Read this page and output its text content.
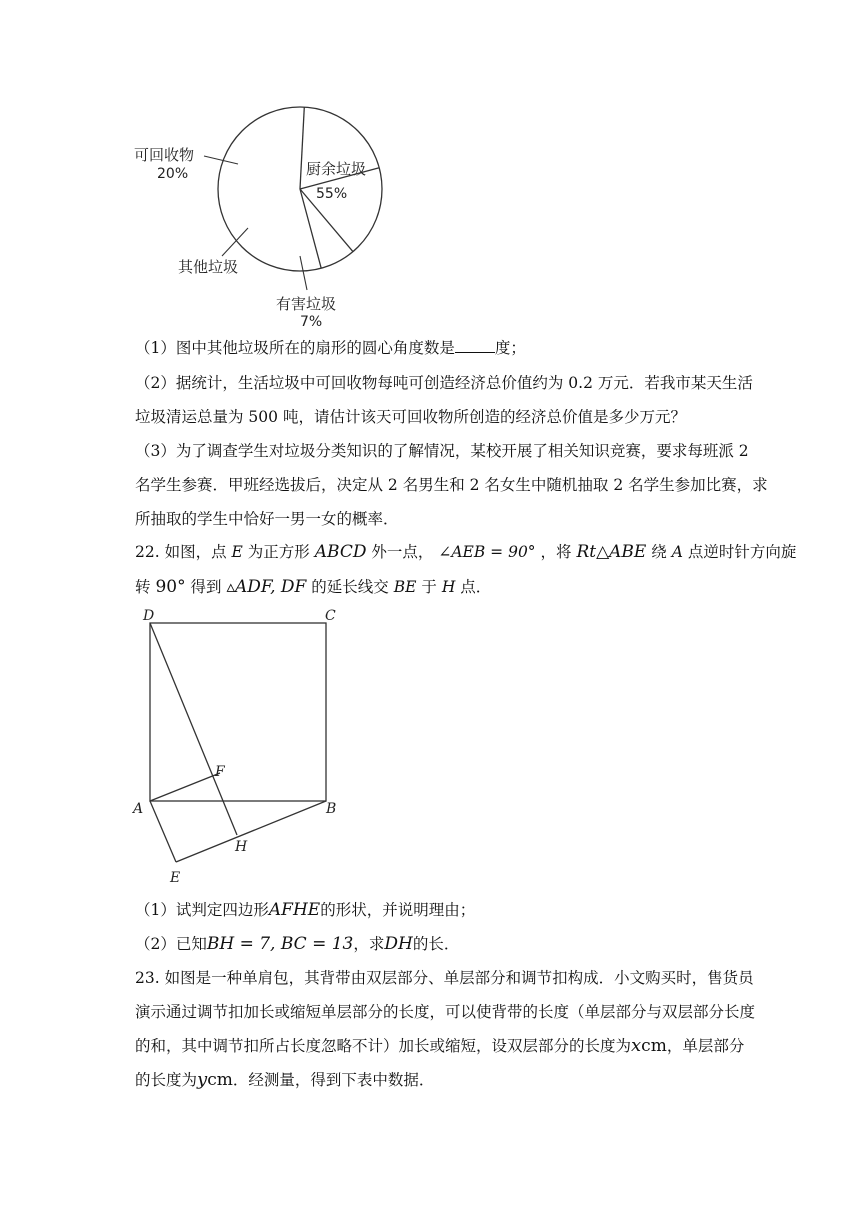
可回收物
20%	厨余垃圾
55%
其他垃圾
有害垃圾
7%
（1）图中其他垃圾所在的扇形的圆心角度数是	度；
（2）据统计，生活垃圾中可回收物每吨可创造经济总价值约为 0.2 万元．若我市某天生活
垃圾清运总量为 500 吨，请估计该天可回收物所创造的经济总价值是多少万元？
（3）为了调查学生对垃圾分类知识的了解情况，某校开展了相关知识竞赛，要求每班派 2
名学生参赛．甲班经选拔后，决定从 2 名男生和 2 名女生中随机抽取 2 名学生参加比赛，求
所抽取的学生中恰好一男一女的概率．
22. 如图，点 E 为正方形 ABCD 外一点， ∠AEB = 90° ，将 Rt△ABE 绕 A 点逆时针方向旋
转 90° 得到 ▵ADF, DF 的延长线交 BE 于 H 点．
D	C
F
A	B
H
E
（1）试判定四边形AFHE的形状，并说明理由；
（2）已知BH = 7, BC = 13，求DH的长．
23. 如图是一种单肩包，其背带由双层部分、单层部分和调节扣构成．小文购买时，售货员
演示通过调节扣加长或缩短单层部分的长度，可以使背带的长度（单层部分与双层部分长度
的和，其中调节扣所占长度忽略不计）加长或缩短，设双层部分的长度为xcm，单层部分
的长度为ycm．经测量，得到下表中数据．
